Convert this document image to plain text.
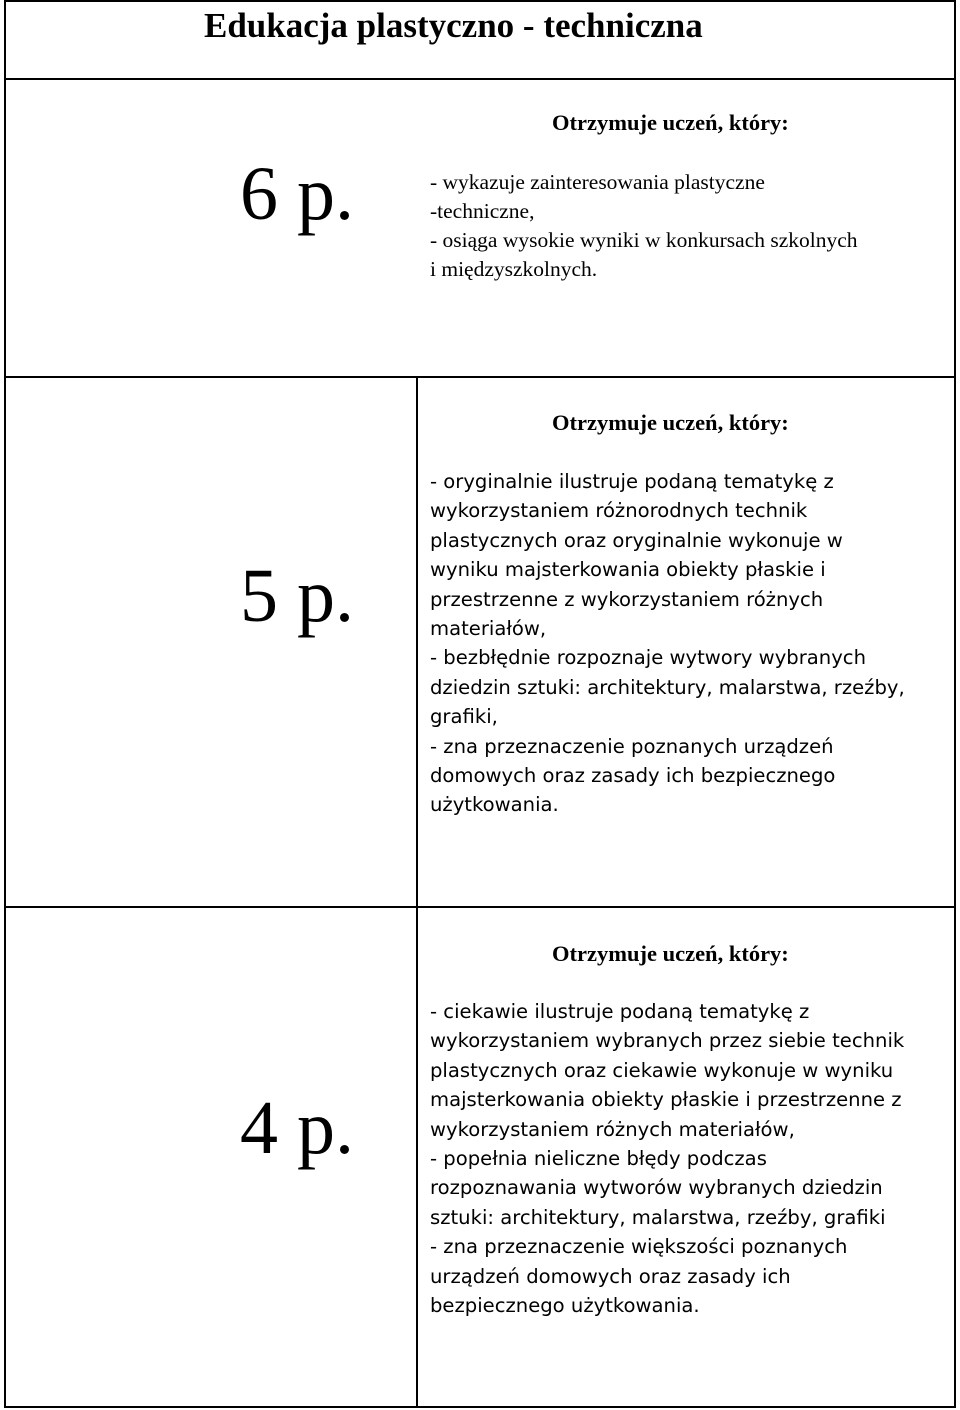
Edukacja plastyczno - techniczna
6 p.
Otrzymuje uczeń, który:
- wykazuje zainteresowania plastyczne
-techniczne,
- osiąga wysokie wyniki w konkursach szkolnych
i międzyszkolnych.
5 p.
Otrzymuje uczeń, który:
- oryginalnie ilustruje podaną tematykę z
wykorzystaniem różnorodnych technik
plastycznych oraz oryginalnie wykonuje w
wyniku majsterkowania obiekty płaskie i
przestrzenne z wykorzystaniem różnych
materiałów,
- bezbłędnie rozpoznaje wytwory wybranych
dziedzin sztuki: architektury, malarstwa, rzeźby,
grafiki,
- zna przeznaczenie poznanych urządzeń
domowych oraz zasady ich bezpiecznego
użytkowania.
4 p.
Otrzymuje uczeń, który:
- ciekawie ilustruje podaną tematykę z
wykorzystaniem wybranych przez siebie technik
plastycznych oraz ciekawie wykonuje w wyniku
majsterkowania obiekty płaskie i przestrzenne z
wykorzystaniem różnych materiałów,
- popełnia nieliczne błędy podczas
rozpoznawania wytworów wybranych dziedzin
sztuki: architektury, malarstwa, rzeźby, grafiki
- zna przeznaczenie większości poznanych
urządzeń domowych oraz zasady ich
bezpiecznego użytkowania.
